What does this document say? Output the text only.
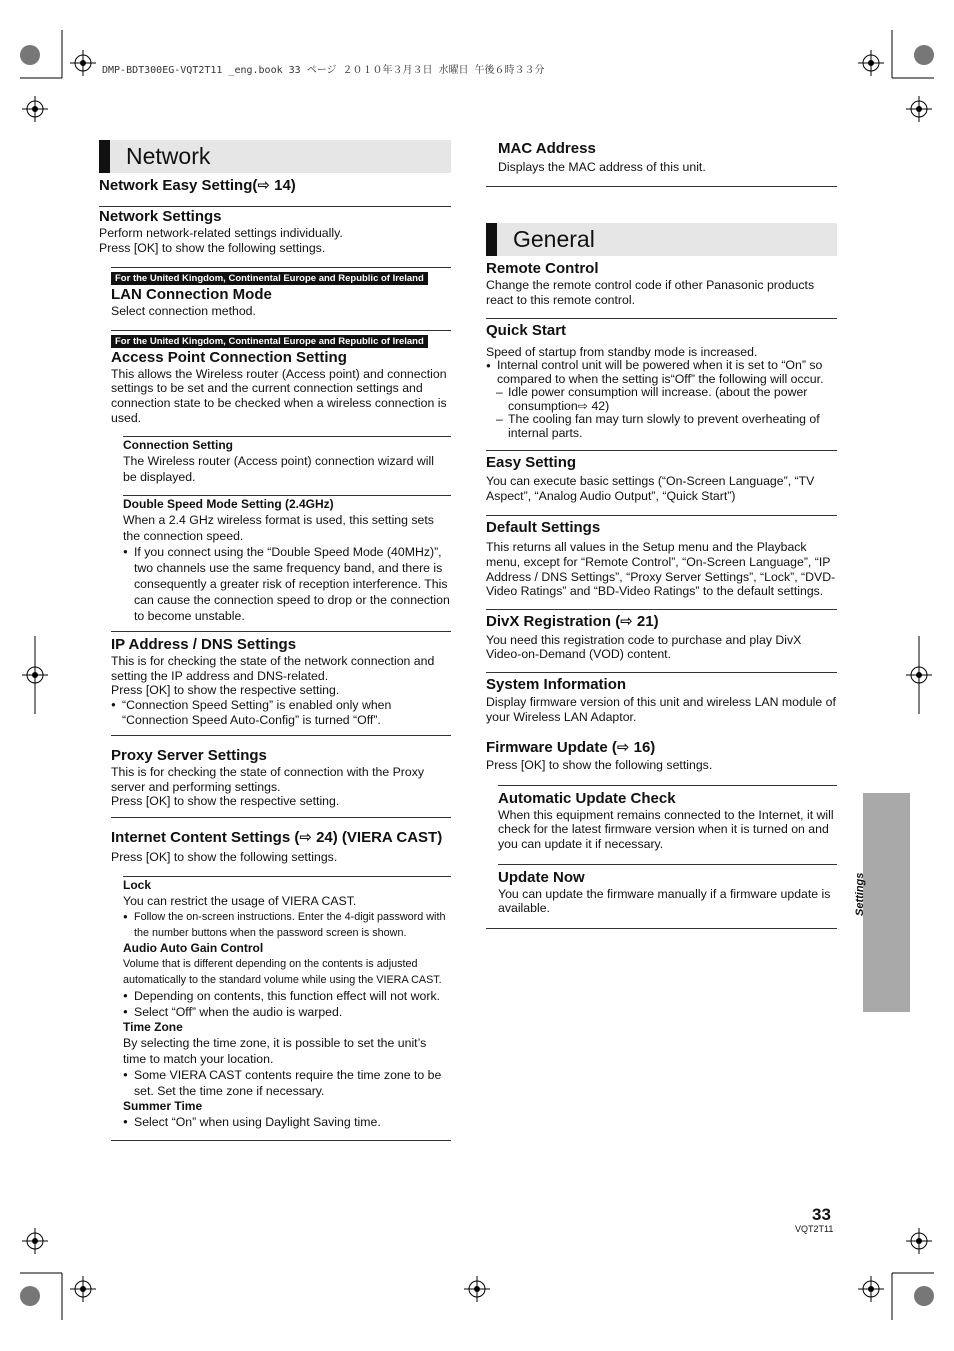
DMP-BDT300EG-VQT2T11 _eng.book 33 ページ ２０１０年３月３日 水曜日 午後６時３３分
Network
Network Easy Setting(⇨ 14)
Network Settings
Perform network-related settings individually.
Press [OK] to show the following settings.
For the United Kingdom, Continental Europe and Republic of Ireland
LAN Connection Mode
Select connection method.
For the United Kingdom, Continental Europe and Republic of Ireland
Access Point Connection Setting
This allows the Wireless router (Access point) and connection settings to be set and the current connection settings and connection state to be checked when a wireless connection is used.
Connection Setting
The Wireless router (Access point) connection wizard will be displayed.
Double Speed Mode Setting (2.4GHz)
When a 2.4 GHz wireless format is used, this setting sets the connection speed.
● If you connect using the “Double Speed Mode (40MHz)”, two channels use the same frequency band, and there is consequently a greater risk of reception interference. This can cause the connection speed to drop or the connection to become unstable.
IP Address / DNS Settings
This is for checking the state of the network connection and setting the IP address and DNS-related.
Press [OK] to show the respective setting.
● “Connection Speed Setting” is enabled only when “Connection Speed Auto-Config” is turned “Off”.
Proxy Server Settings
This is for checking the state of connection with the Proxy server and performing settings.
Press [OK] to show the respective setting.
Internet Content Settings (⇨ 24) (VIERA CAST)
Press [OK] to show the following settings.
Lock
You can restrict the usage of VIERA CAST.
● Follow the on-screen instructions. Enter the 4-digit password with the number buttons when the password screen is shown.
Audio Auto Gain Control
Volume that is different depending on the contents is adjusted automatically to the standard volume while using the VIERA CAST.
● Depending on contents, this function effect will not work.
● Select “Off” when the audio is warped.
Time Zone
By selecting the time zone, it is possible to set the unit’s time to match your location.
● Some VIERA CAST contents require the time zone to be set. Set the time zone if necessary.
Summer Time
● Select “On” when using Daylight Saving time.
MAC Address
Displays the MAC address of this unit.
General
Remote Control
Change the remote control code if other Panasonic products react to this remote control.
Quick Start
Speed of startup from standby mode is increased.
● Internal control unit will be powered when it is set to “On” so compared to when the setting is“Off” the following will occur.
– Idle power consumption will increase. (about the power consumption⇨ 42)
– The cooling fan may turn slowly to prevent overheating of internal parts.
Easy Setting
You can execute basic settings (“On-Screen Language”, “TV Aspect”, “Analog Audio Output”, “Quick Start”)
Default Settings
This returns all values in the Setup menu and the Playback menu, except for “Remote Control”, “On-Screen Language”, “IP Address / DNS Settings”, “Proxy Server Settings”, “Lock”, “DVD-Video Ratings” and “BD-Video Ratings” to the default settings.
DivX Registration (⇨ 21)
You need this registration code to purchase and play DivX Video-on-Demand (VOD) content.
System Information
Display firmware version of this unit and wireless LAN module of your Wireless LAN Adaptor.
Firmware Update (⇨ 16)
Press [OK] to show the following settings.
Automatic Update Check
When this equipment remains connected to the Internet, it will check for the latest firmware version when it is turned on and you can update it if necessary.
Update Now
You can update the firmware manually if a firmware update is available.	Settings
33
VQT2T11
